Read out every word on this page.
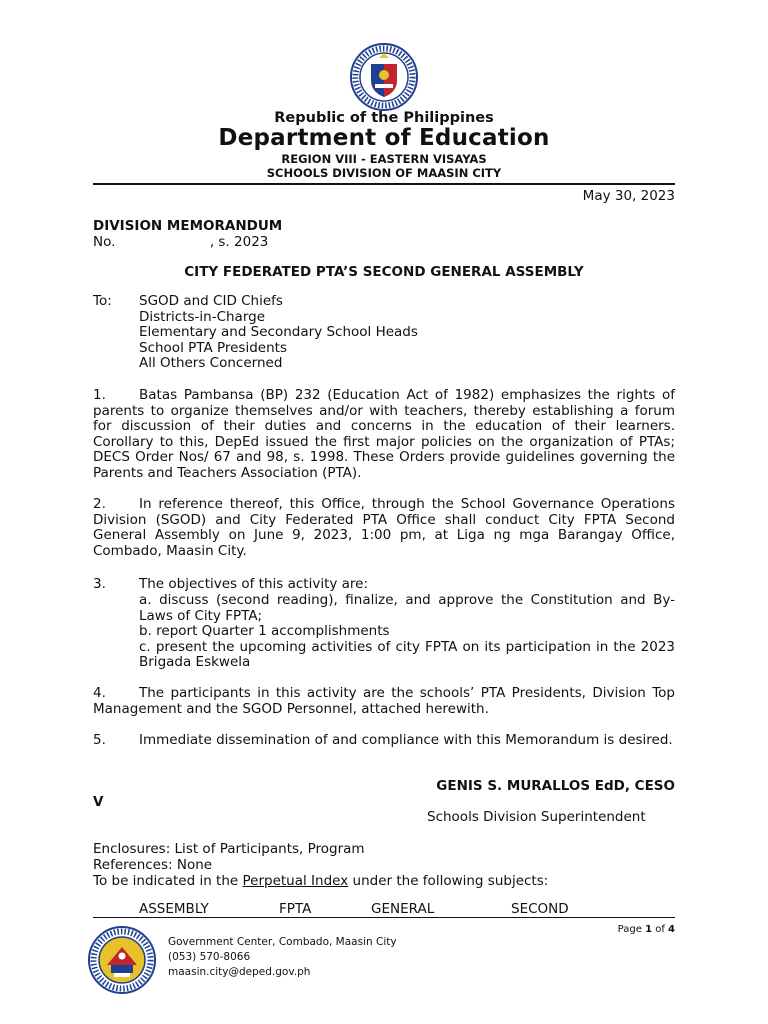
Republic of the Philippines
Department of Education
REGION VIII - EASTERN VISAYAS
SCHOOLS DIVISION OF MAASIN CITY
May 30, 2023
DIVISION MEMORANDUM
No.                      , s. 2023
CITY FEDERATED PTA’S SECOND GENERAL ASSEMBLY
To: SGOD and CID Chiefs
Districts-in-Charge
Elementary and Secondary School Heads
School PTA Presidents
All Others Concerned
1. Batas Pambansa (BP) 232 (Education Act of 1982) emphasizes the rights of parents to organize themselves and/or with teachers, thereby establishing a forum for discussion of their duties and concerns in the education of their learners. Corollary to this, DepEd issued the first major policies on the organization of PTAs; DECS Order Nos/ 67 and 98, s. 1998. These Orders provide guidelines governing the Parents and Teachers Association (PTA).
2. In reference thereof, this Office, through the School Governance Operations Division (SGOD) and City Federated PTA Office shall conduct City FPTA Second General Assembly on June 9, 2023, 1:00 pm, at Liga ng mga Barangay Office, Combado, Maasin City.
3. The objectives of this activity are:
a. discuss (second reading), finalize, and approve the Constitution and By-Laws of City FPTA;
b. report Quarter 1 accomplishments
c. present the upcoming activities of city FPTA on its participation in the 2023 Brigada Eskwela
4. The participants in this activity are the schools’ PTA Presidents, Division Top Management and the SGOD Personnel, attached herewith.
5. Immediate dissemination of and compliance with this Memorandum is desired.
GENIS S. MURALLOS EdD, CESO
V
Schools Division Superintendent
Enclosures: List of Participants, Program
References: None
To be indicated in the Perpetual Index under the following subjects:
ASSEMBLY	FPTA	GENERAL	SECOND
Government Center, Combado, Maasin City
(053) 570-8066
maasin.city@deped.gov.ph
Page 1 of 4
